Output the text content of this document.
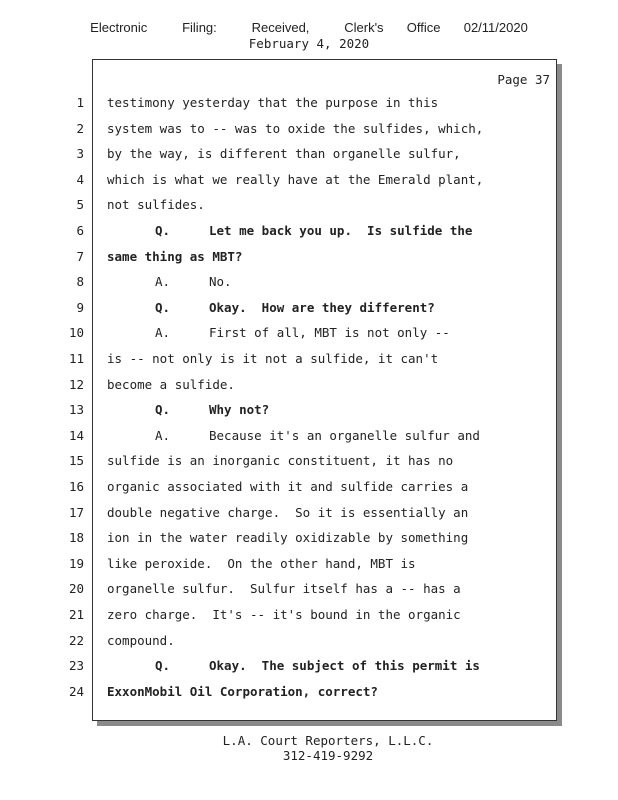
Electronic   Filing:   Received,   Clerk's  Office  02/11/2020
February 4, 2020
Page 37
1 testimony yesterday that the purpose in this
2 system was to -- was to oxide the sulfides, which,
3 by the way, is different than organelle sulfur,
4 which is what we really have at the Emerald plant,
5 not sulfides.
6	Q.	Let me back you up.  Is sulfide the
7 same thing as MBT?
8	A.	No.
9	Q.	Okay.  How are they different?
10	A.	First of all, MBT is not only --
11 is -- not only is it not a sulfide, it can't
12 become a sulfide.
13	Q.	Why not?
14	A.	Because it's an organelle sulfur and
15 sulfide is an inorganic constituent, it has no
16 organic associated with it and sulfide carries a
17 double negative charge.  So it is essentially an
18 ion in the water readily oxidizable by something
19 like peroxide.  On the other hand, MBT is
20 organelle sulfur.  Sulfur itself has a -- has a
21 zero charge.  It's -- it's bound in the organic
22 compound.
23	Q.	Okay.  The subject of this permit is
24 ExxonMobil Oil Corporation, correct?
L.A. Court Reporters, L.L.C.
312-419-9292
